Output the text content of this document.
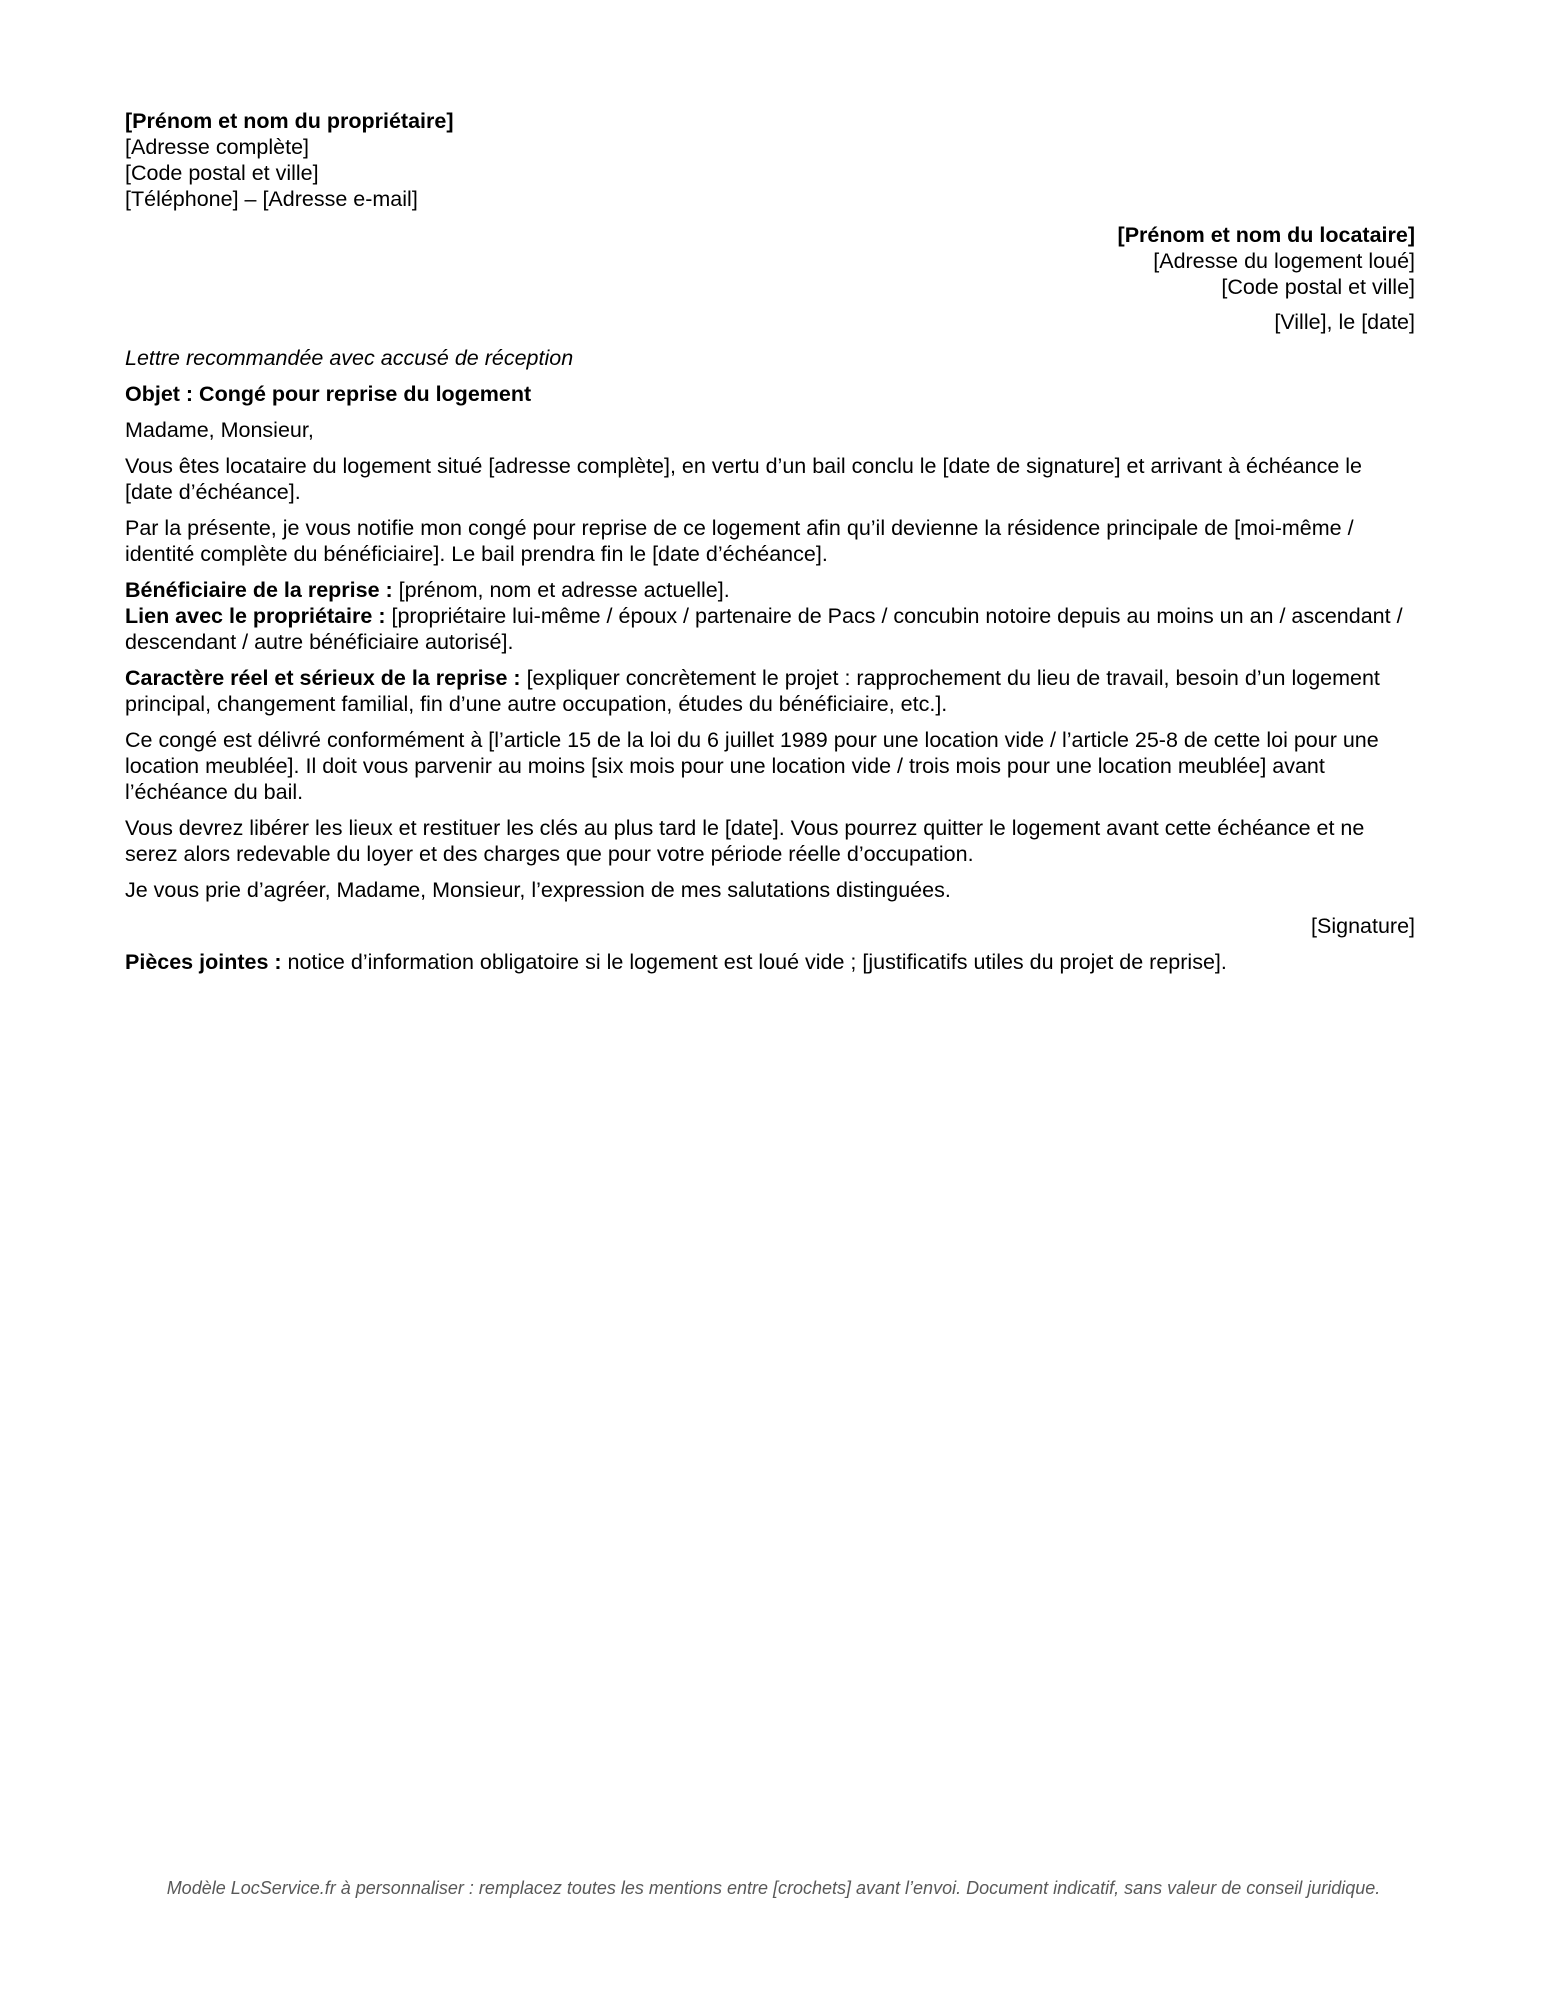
[Prénom et nom du propriétaire]
[Adresse complète]
[Code postal et ville]
[Téléphone] – [Adresse e-mail]
[Prénom et nom du locataire]
[Adresse du logement loué]
[Code postal et ville]
[Ville], le [date]
Lettre recommandée avec accusé de réception
Objet : Congé pour reprise du logement
Madame, Monsieur,
Vous êtes locataire du logement situé [adresse complète], en vertu d’un bail conclu le [date de signature] et arrivant à échéance le [date d’échéance].
Par la présente, je vous notifie mon congé pour reprise de ce logement afin qu’il devienne la résidence principale de [moi-même / identité complète du bénéficiaire]. Le bail prendra fin le [date d’échéance].
Bénéficiaire de la reprise : [prénom, nom et adresse actuelle].
Lien avec le propriétaire : [propriétaire lui-même / époux / partenaire de Pacs / concubin notoire depuis au moins un an / ascendant / descendant / autre bénéficiaire autorisé].
Caractère réel et sérieux de la reprise : [expliquer concrètement le projet : rapprochement du lieu de travail, besoin d’un logement principal, changement familial, fin d’une autre occupation, études du bénéficiaire, etc.].
Ce congé est délivré conformément à [l’article 15 de la loi du 6 juillet 1989 pour une location vide / l’article 25-8 de cette loi pour une location meublée]. Il doit vous parvenir au moins [six mois pour une location vide / trois mois pour une location meublée] avant l’échéance du bail.
Vous devrez libérer les lieux et restituer les clés au plus tard le [date]. Vous pourrez quitter le logement avant cette échéance et ne serez alors redevable du loyer et des charges que pour votre période réelle d’occupation.
Je vous prie d’agréer, Madame, Monsieur, l’expression de mes salutations distinguées.
[Signature]
Pièces jointes : notice d’information obligatoire si le logement est loué vide ; [justificatifs utiles du projet de reprise].
Modèle LocService.fr à personnaliser : remplacez toutes les mentions entre [crochets] avant l’envoi. Document indicatif, sans valeur de conseil juridique.
